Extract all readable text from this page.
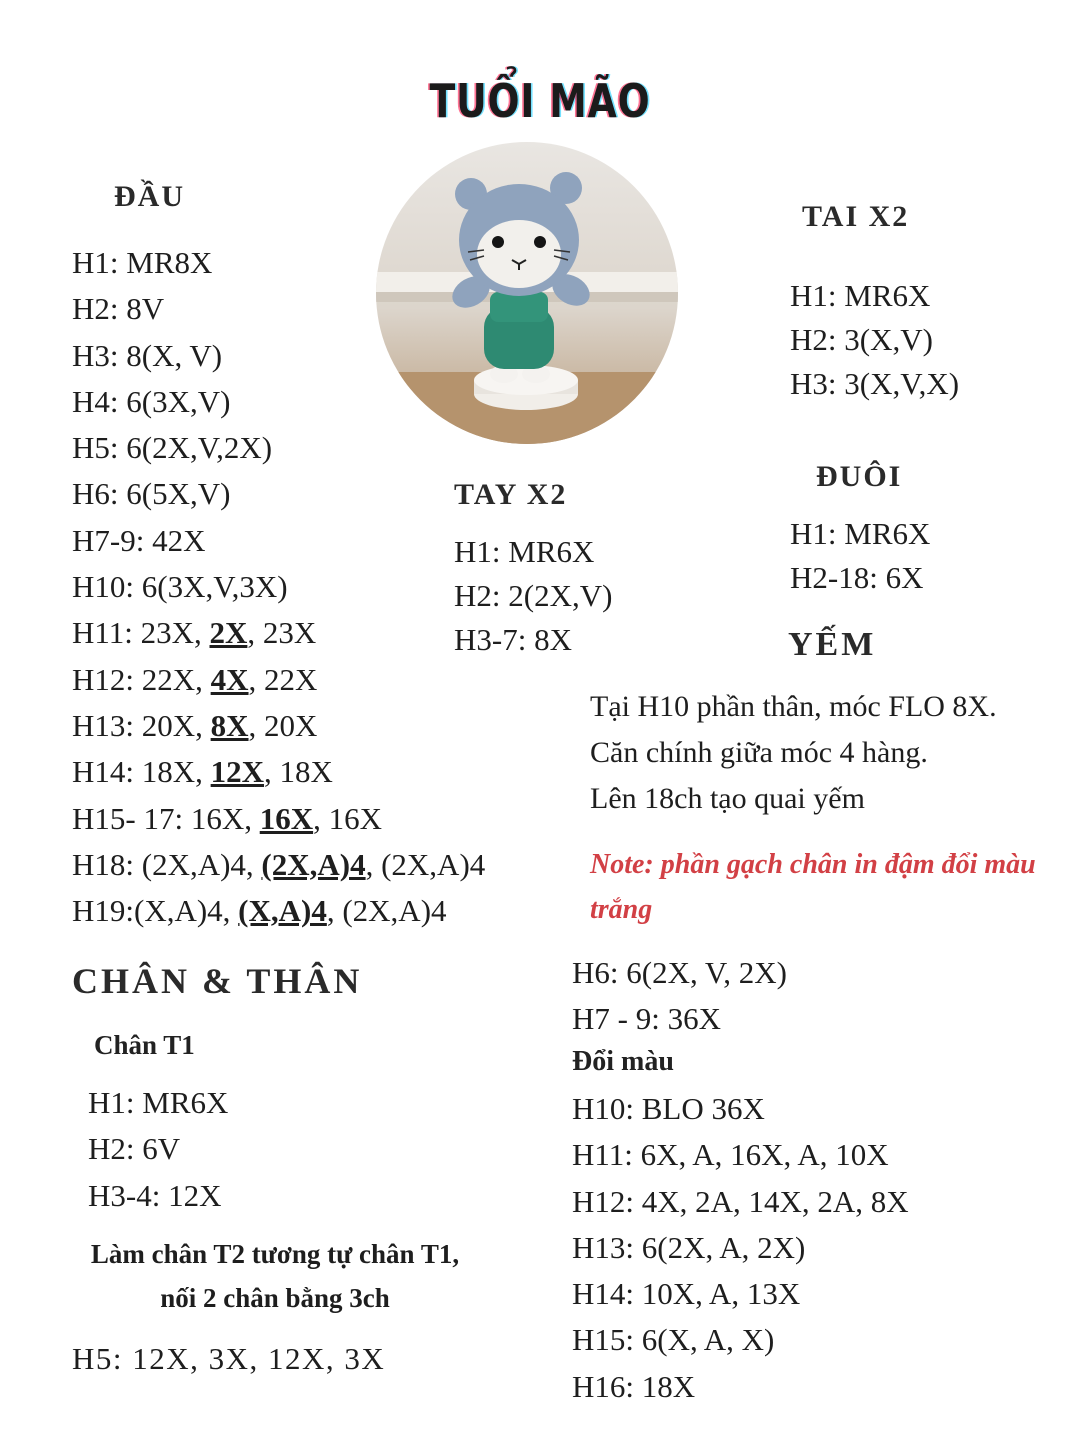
TUỔI MÃO
ĐẦU
H1: MR8X
H2: 8V
H3: 8(X, V)
H4: 6(3X,V)
H5: 6(2X,V,2X)
H6: 6(5X,V)
H7-9: 42X
H10: 6(3X,V,3X)
H11: 23X, 2X, 23X
H12: 22X, 4X, 22X
H13: 20X, 8X, 20X
H14: 18X, 12X, 18X
H15- 17: 16X, 16X, 16X
H18: (2X,A)4, (2X,A)4, (2X,A)4
H19:(X,A)4, (X,A)4, (2X,A)4
TAI X2
H1: MR6X
H2: 3(X,V)
H3: 3(X,V,X)
ĐUÔI
H1: MR6X
H2-18: 6X
TAY X2
H1: MR6X
H2: 2(2X,V)
H3-7: 8X	YẾM
Tại H10 phần thân, móc FLO 8X.
Căn chính giữa móc 4 hàng.
Lên 18ch tạo quai yếm
Note: phần gạch chân in đậm đổi màu trắng
CHÂN & THÂN
Chân T1
H1: MR6X
H2: 6V
H3-4: 12X
Làm chân T2 tương tự chân T1,
nối 2 chân bằng 3ch
H5: 12X, 3X, 12X, 3X
H6: 6(2X, V, 2X)
H7 - 9: 36X
Đổi màu
H10: BLO 36X
H11: 6X, A, 16X, A, 10X
H12: 4X, 2A, 14X, 2A, 8X
H13: 6(2X, A, 2X)
H14: 10X, A, 13X
H15: 6(X, A, X)
H16: 18X
